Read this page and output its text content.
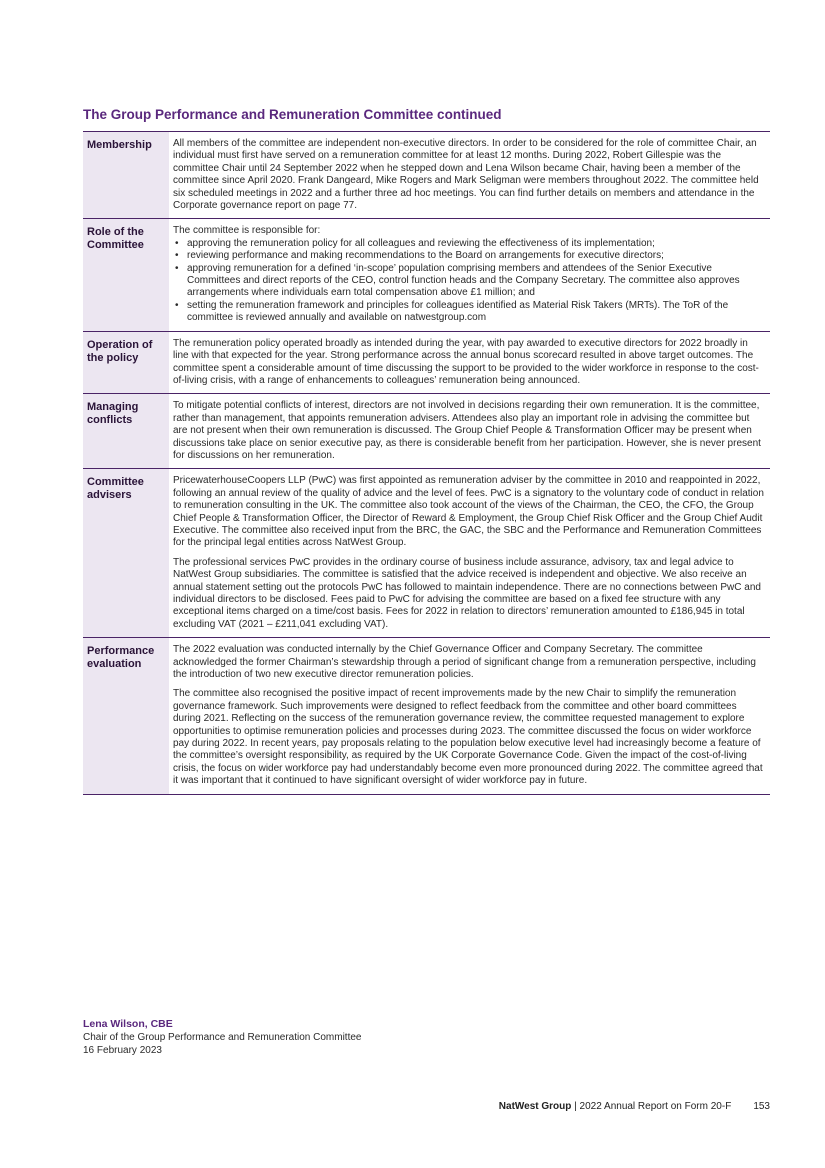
The Group Performance and Remuneration Committee continued
Membership	All members of the committee are independent non-executive directors. In order to be considered for the role of committee Chair, an individual must first have served on a remuneration committee for at least 12 months. During 2022, Robert Gillespie was the committee Chair until 24 September 2022 when he stepped down and Lena Wilson became Chair, having been a member of the committee since April 2020. Frank Dangeard, Mike Rogers and Mark Seligman were members throughout 2022. The committee held six scheduled meetings in 2022 and a further three ad hoc meetings. You can find further details on members and attendance in the Corporate governance report on page 77.

Role of the Committee

The committee is responsible for:

• approving the remuneration policy for all colleagues and reviewing the effectiveness of its implementation;
• reviewing performance and making recommendations to the Board on arrangements for executive directors;
• approving remuneration for a defined ‘in-scope’ population comprising members and attendees of the Senior Executive Committees and direct reports of the CEO, control function heads and the Company Secretary. The committee also approves arrangements where individuals earn total compensation above £1 million; and
• setting the remuneration framework and principles for colleagues identified as Material Risk Takers (MRTs). The ToR of the committee is reviewed annually and available on natwestgroup.com
Operation of the policy

The remuneration policy operated broadly as intended during the year, with pay awarded to executive directors for 2022 broadly in line with that expected for the year. Strong performance across the annual bonus scorecard resulted in above target outcomes. The committee spent a considerable amount of time discussing the support to be provided to the wider workforce in response to the cost-of-living crisis, with a range of enhancements to colleagues’ remuneration being announced.

Managing conflicts

To mitigate potential conflicts of interest, directors are not involved in decisions regarding their own remuneration. It is the committee, rather than management, that appoints remuneration advisers. Attendees also play an important role in advising the committee but are not present when their own remuneration is discussed. The Group Chief People & Transformation Officer may be present when discussions take place on senior executive pay, as there is considerable benefit from her participation. However, she is never present for discussions on her remuneration.

Committee advisers

PricewaterhouseCoopers LLP (PwC) was first appointed as remuneration adviser by the committee in 2010 and reappointed in 2022, following an annual review of the quality of advice and the level of fees. PwC is a signatory to the voluntary code of conduct in relation to remuneration consulting in the UK. The committee also took account of the views of the Chairman, the CEO, the CFO, the Group Chief People & Transformation Officer, the Director of Reward & Employment, the Group Chief Risk Officer and the Group Chief Audit Executive. The committee also received input from the BRC, the GAC, the SBC and the Performance and Remuneration Committees for the principal legal entities across NatWest Group.

The professional services PwC provides in the ordinary course of business include assurance, advisory, tax and legal advice to NatWest Group subsidiaries. The committee is satisfied that the advice received is independent and objective. We also receive an annual statement setting out the protocols PwC has followed to maintain independence. There are no connections between PwC and individual directors to be disclosed. Fees paid to PwC for advising the committee are based on a fixed fee structure with any exceptional items charged on a time/cost basis. Fees for 2022 in relation to directors’ remuneration amounted to £186,945 in total excluding VAT (2021 – £211,041 excluding VAT).

Performance evaluation

The 2022 evaluation was conducted internally by the Chief Governance Officer and Company Secretary. The committee acknowledged the former Chairman’s stewardship through a period of significant change from a remuneration perspective, including the introduction of two new executive director remuneration policies.

The committee also recognised the positive impact of recent improvements made by the new Chair to simplify the remuneration governance framework. Such improvements were designed to reflect feedback from the committee and other board committees during 2021. Reflecting on the success of the remuneration governance review, the committee requested management to explore opportunities to optimise remuneration policies and processes during 2023. The committee discussed the focus on wider workforce pay during 2022. In recent years, pay proposals relating to the population below executive level had increasingly become a feature of the committee’s oversight responsibility, as required by the UK Corporate Governance Code. Given the impact of the cost-of-living crisis, the focus on wider workforce pay had understandably become even more pronounced during 2022. The committee agreed that it was important that it continued to have significant oversight of wider workforce pay in future.

Lena Wilson, CBE
Chair of the Group Performance and Remuneration Committee
16 February 2023
NatWest Group | 2022 Annual Report on Form 20-F 153
